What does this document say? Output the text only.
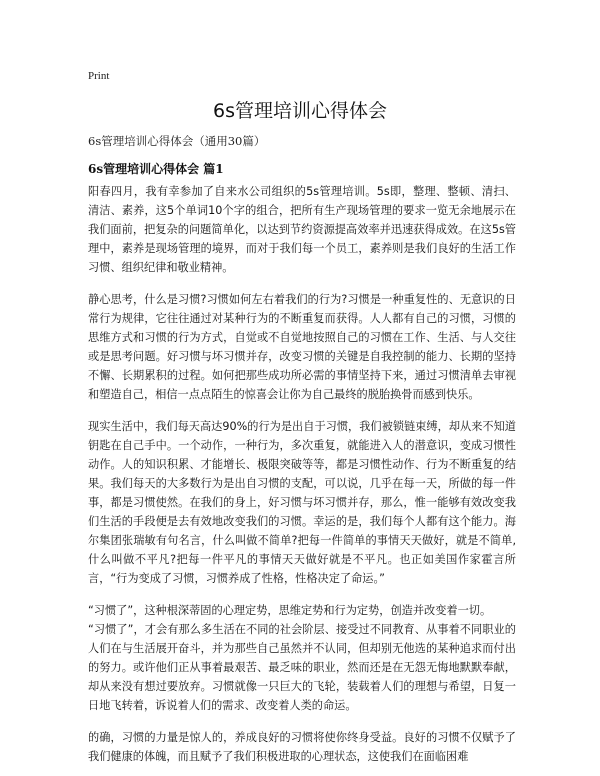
Print
6s管理培训心得体会
6s管理培训心得体会（通用30篇）
6s管理培训心得体会 篇1

阳春四月，我有幸参加了自来水公司组织的5s管理培训。5s即，整理、整顿、清扫、清洁、素养，这5个单词10个字的组合，把所有生产现场管理的要求一览无余地展示在我们面前，把复杂的问题简单化，以达到节约资源提高效率并迅速获得成效。在这5s管理中，素养是现场管理的境界，而对于我们每一个员工，素养则是我们良好的生活工作习惯、组织纪律和敬业精神。

静心思考，什么是习惯?习惯如何左右着我们的行为?习惯是一种重复性的、无意识的日常行为规律，它往往通过对某种行为的不断重复而获得。人人都有自己的习惯，习惯的思维方式和习惯的行为方式，自觉或不自觉地按照自己的习惯在工作、生活、与人交往或是思考问题。好习惯与坏习惯并存，改变习惯的关键是自我控制的能力、长期的坚持不懈、长期累积的过程。如何把那些成功所必需的事情坚持下来，通过习惯清单去审视和塑造自己，相信一点点陌生的惊喜会让你为自己最终的脱胎换骨而感到快乐。

现实生活中，我们每天高达90%的行为是出自于习惯，我们被锁链束缚，却从来不知道钥匙在自己手中。一个动作，一种行为，多次重复，就能进入人的潜意识，变成习惯性动作。人的知识积累、才能增长、极限突破等等，都是习惯性动作、行为不断重复的结果。我们每天的大多数行为是出自习惯的支配，可以说，几乎在每一天，所做的每一件事，都是习惯使然。在我们的身上，好习惯与坏习惯并存，那么，惟一能够有效改变我们生活的手段便是去有效地改变我们的习惯。幸运的是，我们每个人都有这个能力。海尔集团张瑞敏有句名言，什么叫做不简单?把每一件简单的事情天天做好，就是不简单,什么叫做不平凡?把每一件平凡的事情天天做好就是不平凡。也正如美国作家霍言所言，“行为变成了习惯，习惯养成了性格，性格决定了命运。”

“习惯了”，这种根深蒂固的心理定势，思维定势和行为定势，创造并改变着一切。

“习惯了”，才会有那么多生活在不同的社会阶层、接受过不同教育、从事着不同职业的人们在与生活展开奋斗，并为那些自己虽然并不认同，但却别无他选的某种追求而付出的努力。或许他们正从事着最艰苦、最乏味的职业，然而还是在无怨无悔地默默奉献，却从来没有想过要放弃。习惯就像一只巨大的飞轮，装载着人们的理想与希望，日复一日地飞转着，诉说着人们的需求、改变着人类的命运。

的确，习惯的力量是惊人的，养成良好的习惯将使你终身受益。良好的习惯不仅赋予了我们健康的体魄，而且赋予了我们积极进取的心理状态，这使我们在面临困难
